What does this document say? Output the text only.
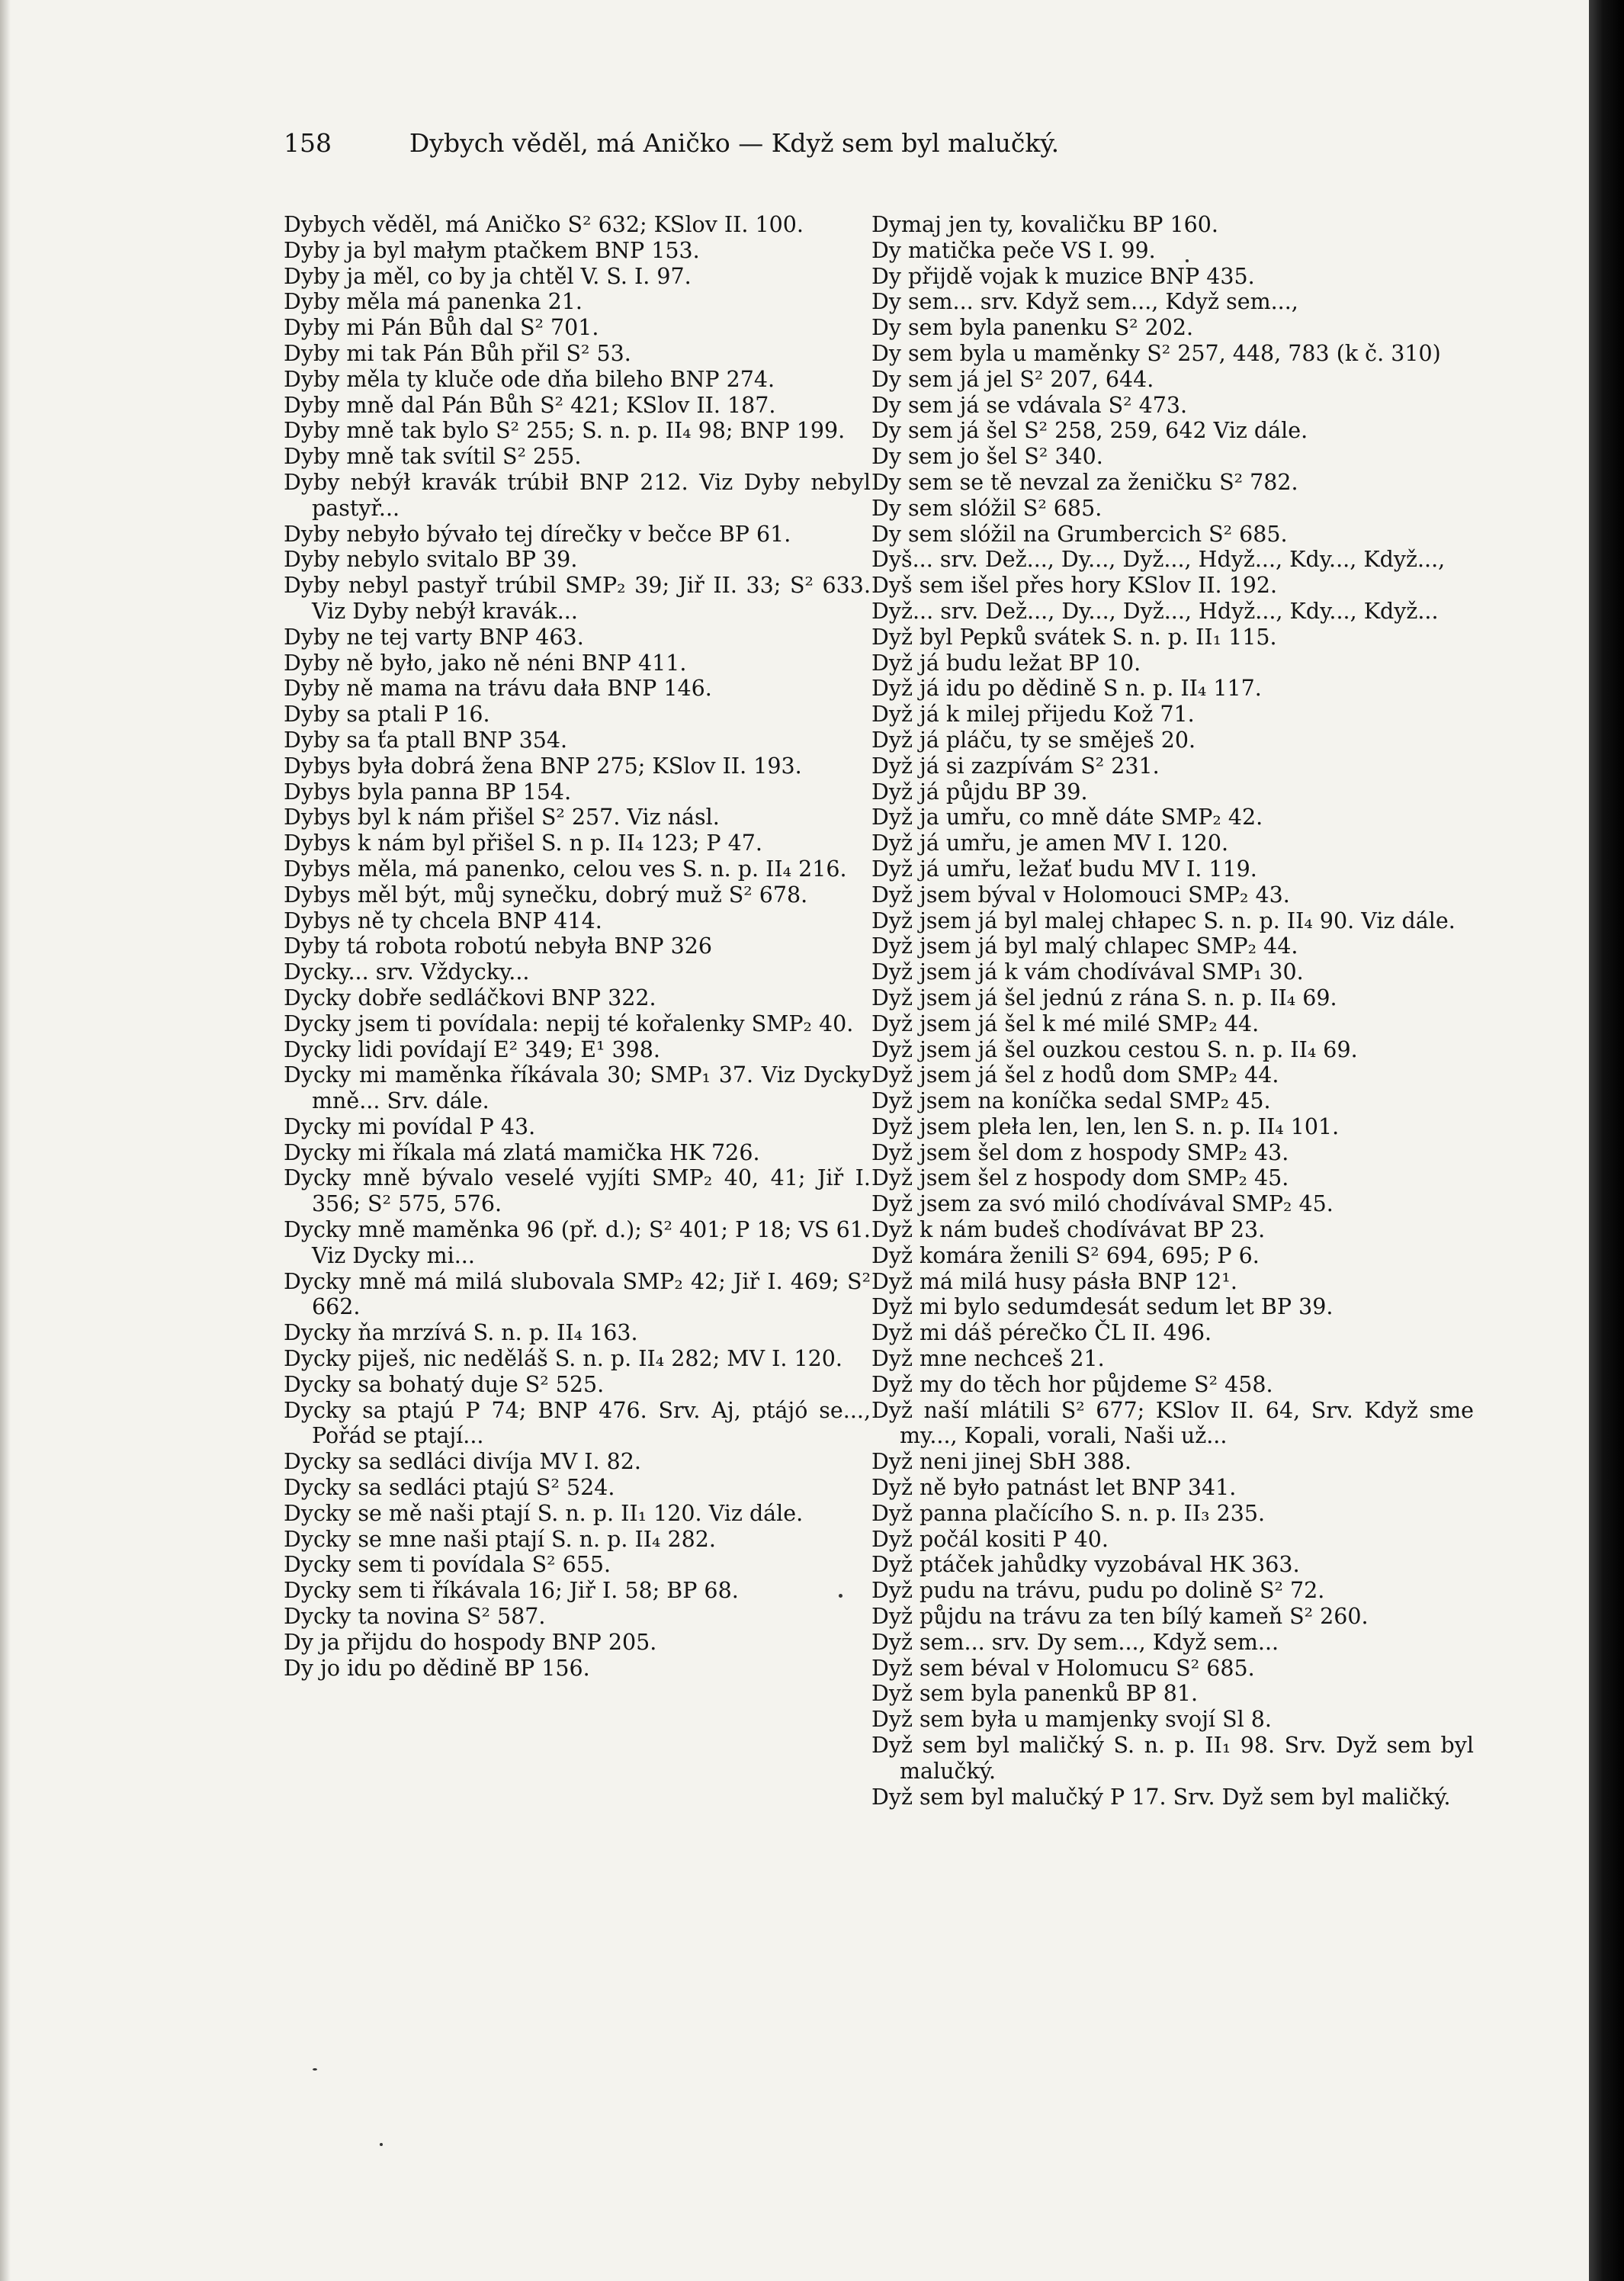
158	Dybych věděl, má Aničko — Když sem byl malučký.

Dybych věděl, má Aničko S² 632; KSlov II. 100.

Dyby ja byl małym ptačkem BNP 153.

Dyby ja měl, co by ja chtěl V. S. I. 97.

Dyby měla má panenka 21.

Dyby mi Pán Bůh dal S² 701.

Dyby mi tak Pán Bůh přil S² 53.

Dyby měla ty kluče ode dňa bileho BNP 274.

Dyby mně dal Pán Bůh S² 421; KSlov II. 187.

Dyby mně tak bylo S² 255; S. n. p. II₄ 98; BNP 199.

Dyby mně tak svítil S² 255.

Dyby nebýł kravák trúbił BNP 212. Viz Dyby nebyl pastyř...

Dyby nebyło bývało tej dírečky v bečce BP 61.

Dyby nebylo svitalo BP 39.

Dyby nebyl pastyř trúbil SMP₂ 39; Jiř II. 33; S² 633. Viz Dyby nebýł kravák...

Dyby ne tej varty BNP 463.

Dyby ně było, jako ně néni BNP 411.

Dyby ně mama na trávu dała BNP 146.

Dyby sa ptali P 16.

Dyby sa ťa ptall BNP 354.

Dybys była dobrá žena BNP 275; KSlov II. 193.

Dybys byla panna BP 154.

Dybys byl k nám přišel S² 257. Viz násl.

Dybys k nám byl přišel S. n p. II₄ 123; P 47.

Dybys měla, má panenko, celou ves S. n. p. II₄ 216.

Dybys měl být, můj synečku, dobrý muž S² 678.

Dybys ně ty chcela BNP 414.

Dyby tá robota robotú nebyła BNP 326

Dycky... srv. Vždycky...

Dycky dobře sedláčkovi BNP 322.

Dycky jsem ti povídala: nepij té kořalenky SMP₂ 40.

Dycky lidi povídají E² 349; E¹ 398.

Dycky mi maměnka říkávala 30; SMP₁ 37. Viz Dycky mně... Srv. dále.

Dycky mi povídal P 43.

Dycky mi říkala má zlatá mamička HK 726.

Dycky mně bývalo veselé vyjíti SMP₂ 40, 41; Jiř I. 356; S² 575, 576.

Dycky mně maměnka 96 (př. d.); S² 401; P 18; VS 61. Viz Dycky mi...

Dycky mně má milá slubovala SMP₂ 42; Jiř I. 469; S² 662.

Dycky ňa mrzívá S. n. p. II₄ 163.

Dycky piješ, nic neděláš S. n. p. II₄ 282; MV I. 120.

Dycky sa bohatý duje S² 525.

Dycky sa ptajú P 74; BNP 476. Srv. Aj, ptájó se..., Pořád se ptají...

Dycky sa sedláci divíja MV I. 82.

Dycky sa sedláci ptajú S² 524.

Dycky se mě naši ptají S. n. p. II₁ 120. Viz dále.

Dycky se mne naši ptají S. n. p. II₄ 282.

Dycky sem ti povídala S² 655.

Dycky sem ti říkávala 16; Jiř I. 58; BP 68.

Dycky ta novina S² 587.

Dy ja přijdu do hospody BNP 205.

Dy jo idu po dědině BP 156.

Dymaj jen ty, kovaličku BP 160.

Dy matička peče VS I. 99.

Dy přijdě vojak k muzice BNP 435.

Dy sem... srv. Když sem..., Když sem...,

Dy sem byla panenku S² 202.

Dy sem byla u maměnky S² 257, 448, 783 (k č. 310)

Dy sem já jel S² 207, 644.

Dy sem já se vdávala S² 473.

Dy sem já šel S² 258, 259, 642 Viz dále.

Dy sem jo šel S² 340.

Dy sem se tě nevzal za ženičku S² 782.

Dy sem slóžil S² 685.

Dy sem slóžil na Grumbercich S² 685.

Dyš... srv. Dež..., Dy..., Dyž..., Hdyž..., Kdy..., Když...,

Dyš sem išel přes hory KSlov II. 192.

Dyž... srv. Dež..., Dy..., Dyž..., Hdyž..., Kdy..., Když...

Dyž byl Pepků svátek S. n. p. II₁ 115.

Dyž já budu ležat BP 10.

Dyž já idu po dědině S n. p. II₄ 117.

Dyž já k milej přijedu Kož 71.

Dyž já pláču, ty se směješ 20.

Dyž já si zazpívám S² 231.

Dyž já půjdu BP 39.

Dyž ja umřu, co mně dáte SMP₂ 42.

Dyž já umřu, je amen MV I. 120.

Dyž já umřu, ležať budu MV I. 119.

Dyž jsem býval v Holomouci SMP₂ 43.

Dyž jsem já byl malej chłapec S. n. p. II₄ 90. Viz dále.

Dyž jsem já byl malý chlapec SMP₂ 44.

Dyž jsem já k vám chodívával SMP₁ 30.

Dyž jsem já šel jednú z rána S. n. p. II₄ 69.

Dyž jsem já šel k mé milé SMP₂ 44.

Dyž jsem já šel ouzkou cestou S. n. p. II₄ 69.

Dyž jsem já šel z hodů dom SMP₂ 44.

Dyž jsem na koníčka sedal SMP₂ 45.

Dyž jsem pleła len, len, len S. n. p. II₄ 101.

Dyž jsem šel dom z hospody SMP₂ 43.

Dyž jsem šel z hospody dom SMP₂ 45.

Dyž jsem za svó miló chodívával SMP₂ 45.

Dyž k nám budeš chodívávat BP 23.

Dyž komára ženili S² 694, 695; P 6.

Dyž má milá husy pásła BNP 12¹.

Dyž mi bylo sedumdesát sedum let BP 39.

Dyž mi dáš pérečko ČL II. 496.

Dyž mne nechceš 21.

Dyž my do těch hor půjdeme S² 458.

Dyž naší mlátili S² 677; KSlov II. 64, Srv. Když sme my..., Kopali, vorali, Naši už...

Dyž neni jinej SbH 388.

Dyž ně było patnást let BNP 341.

Dyž panna plačícího S. n. p. II₃ 235.

Dyž počál kositi P 40.

Dyž ptáček jahůdky vyzobával HK 363.

Dyž pudu na trávu, pudu po dolině S² 72.

Dyž půjdu na trávu za ten bílý kameň S² 260.

Dyž sem... srv. Dy sem..., Když sem...

Dyž sem béval v Holomucu S² 685.

Dyž sem byla panenků BP 81.

Dyž sem była u mamjenky svojí Sl 8.

Dyž sem byl maličký S. n. p. II₁ 98. Srv. Dyž sem byl malučký.

Dyž sem byl malučký P 17. Srv. Dyž sem byl maličký.
